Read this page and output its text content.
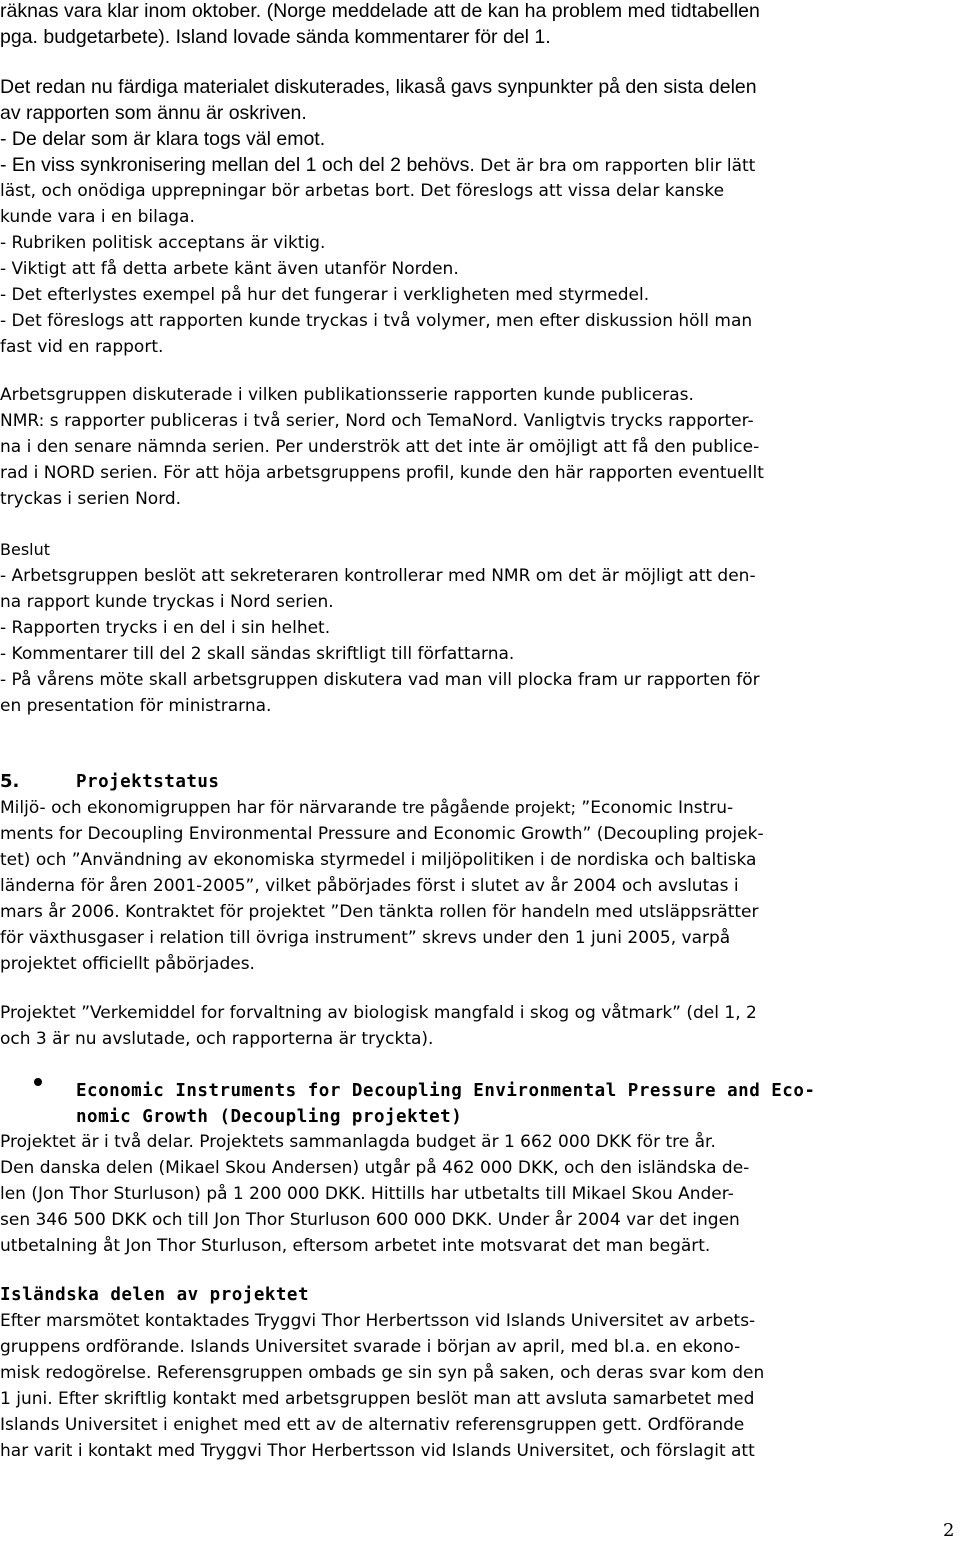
räknas vara klar inom oktober. (Norge meddelade att de kan ha problem med tidtabellen
pga. budgetarbete). Island lovade sända kommentarer för del 1.
Det redan nu färdiga materialet diskuterades, likaså gavs synpunkter på den sista delen
av rapporten som ännu är oskriven.
- De delar som är klara togs väl emot.
- En viss synkronisering mellan del 1 och del 2 behövs. Det är bra om rapporten blir lätt
läst, och onödiga upprepningar bör arbetas bort. Det föreslogs att vissa delar kanske
kunde vara i en bilaga.
- Rubriken politisk acceptans är viktig.
- Viktigt att få detta arbete känt även utanför Norden.
- Det efterlystes exempel på hur det fungerar i verkligheten med styrmedel.
- Det föreslogs att rapporten kunde tryckas i två volymer, men efter diskussion höll man
fast vid en rapport.
Arbetsgruppen diskuterade i vilken publikationsserie rapporten kunde publiceras.
NMR: s rapporter publiceras i två serier, Nord och TemaNord. Vanligtvis trycks rapporter-
na i den senare nämnda serien. Per underströk att det inte är omöjligt att få den publice-
rad i NORD serien. För att höja arbetsgruppens profil, kunde den här rapporten eventuellt
tryckas i serien Nord.
Beslut
- Arbetsgruppen beslöt att sekreteraren kontrollerar med NMR om det är möjligt att den-
na rapport kunde tryckas i Nord serien.
- Rapporten trycks i en del i sin helhet.
- Kommentarer till del 2 skall sändas skriftligt till författarna.
- På vårens möte skall arbetsgruppen diskutera vad man vill plocka fram ur rapporten för
en presentation för ministrarna.
5.	Projektstatus
Miljö- och ekonomigruppen har för närvarande tre pågående projekt; ”Economic Instru-
ments for Decoupling Environmental Pressure and Economic Growth” (Decoupling projek-
tet) och ”Användning av ekonomiska styrmedel i miljöpolitiken i de nordiska och baltiska
länderna för åren 2001-2005”, vilket påbörjades först i slutet av år 2004 och avslutas i
mars år 2006. Kontraktet för projektet ”Den tänkta rollen för handeln med utsläppsrätter
för växthusgaser i relation till övriga instrument” skrevs under den 1 juni 2005, varpå
projektet officiellt påbörjades.
Projektet ”Verkemiddel for forvaltning av biologisk mangfald i skog og våtmark” (del 1, 2
och 3 är nu avslutade, och rapporterna är tryckta).
Economic Instruments for Decoupling Environmental Pressure and Eco-
nomic Growth (Decoupling projektet)
Projektet är i två delar. Projektets sammanlagda budget är 1 662 000 DKK för tre år.
Den danska delen (Mikael Skou Andersen) utgår på 462 000 DKK, och den isländska de-
len (Jon Thor Sturluson) på 1 200 000 DKK. Hittills har utbetalts till Mikael Skou Ander-
sen 346 500 DKK och till Jon Thor Sturluson 600 000 DKK. Under år 2004 var det ingen
utbetalning åt Jon Thor Sturluson, eftersom arbetet inte motsvarat det man begärt.
Isländska delen av projektet
Efter marsmötet kontaktades Tryggvi Thor Herbertsson vid Islands Universitet av arbets-
gruppens ordförande. Islands Universitet svarade i början av april, med bl.a. en ekono-
misk redogörelse. Referensgruppen ombads ge sin syn på saken, och deras svar kom den
1 juni. Efter skriftlig kontakt med arbetsgruppen beslöt man att avsluta samarbetet med
Islands Universitet i enighet med ett av de alternativ referensgruppen gett. Ordförande
har varit i kontakt med Tryggvi Thor Herbertsson vid Islands Universitet, och förslagit att
2
